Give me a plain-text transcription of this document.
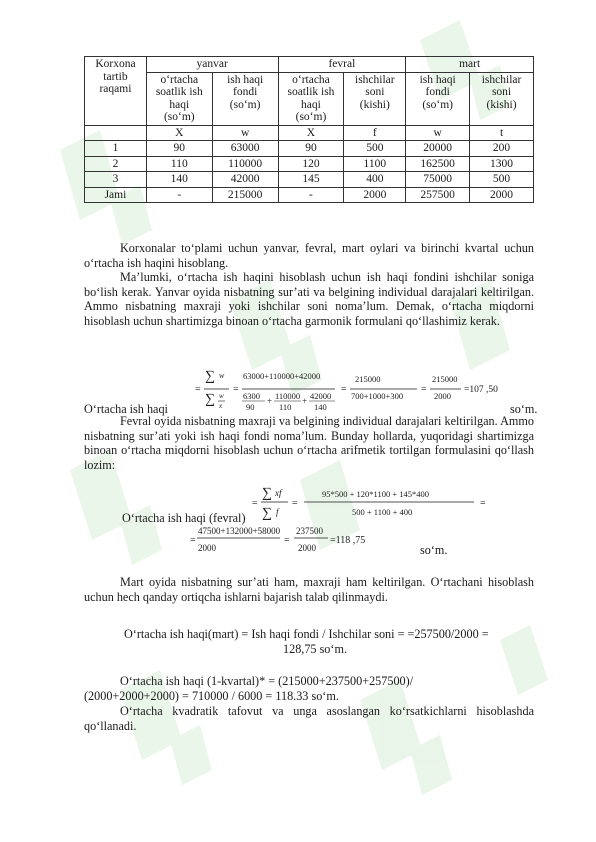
Korxona
tartib
raqami	yanvar		fevral		mart	
	o‘rtacha
soatlik ish
haqi
(so‘m)	ish haqi
fondi
(so‘m)	o‘rtacha
soatlik ish
haqi
(so‘m)	ishchilar
soni
(kishi)	ish haqi
fondi
(so‘m)	ishchilar
soni
(kishi)
	X	w	X	f	w	t
1	90	63000	90	500	20000	200
2	110	110000	120	1100	162500	1300
3	140	42000	145	400	75000	500
Jami	-	215000	-	2000	257500	2000
Korxonalar to‘plami uchun yanvar, fevral, mart oylari va birinchi kvartal uchun o‘rtacha ish haqini hisoblang.
Ma’lumki, o‘rtacha ish haqini hisoblash uchun ish haqi fondini ishchilar soniga bo‘lish kerak. Yanvar oyida nisbatning sur’ati va belgining individual darajalari keltirilgan. Ammo nisbatning maxraji yoki ishchilar soni noma’lum. Demak, o‘rtacha miqdorni hisoblash uchun shartimizga binoan o‘rtacha garmonik formulani qo‘llashimiz kerak.
=
∑ w
∑ w
x
=
63000+110000+42000
6300
90
+ 110000
110
+ 42000
140
=
215000
700+1000+300
=
215000
2000
=107 ,50
O‘rtacha ish haqi	so‘m.
Fevral oyida nisbatning maxraji va belgining individual darajalari keltirilgan. Ammo nisbatning sur’ati yoki ish haqi fondi noma’lum. Bunday hollarda, yuqoridagi shartimizga binoan o‘rtacha miqdorni hisoblash uchun o‘rtacha arifmetik tortilgan formulasini qo‘llash lozim:
=
∑ xf
∑ f
=
95*500 + 120*1100 + 145*400
500 + 1100 + 400
=
O‘rtacha ish haqi (fevral)
=
47500+132000+58000
2000
=
237500
2000
=118 ,75
so‘m.
Mart oyida nisbatning sur’ati ham, maxraji ham keltirilgan. O‘rtachani hisoblash uchun hech qanday ortiqcha ishlarni bajarish talab qilinmaydi.
O‘rtacha ish haqi(mart) = Ish haqi fondi / Ishchilar soni = =257500/2000 =
128,75 so‘m.
O‘rtacha ish haqi (1-kvartal)* = (215000+237500+257500)/
(2000+2000+2000) = 710000 / 6000 = 118.33 so‘m.
O‘rtacha kvadratik tafovut va unga asoslangan ko‘rsatkichlarni hisoblashda qo‘llanadi.
